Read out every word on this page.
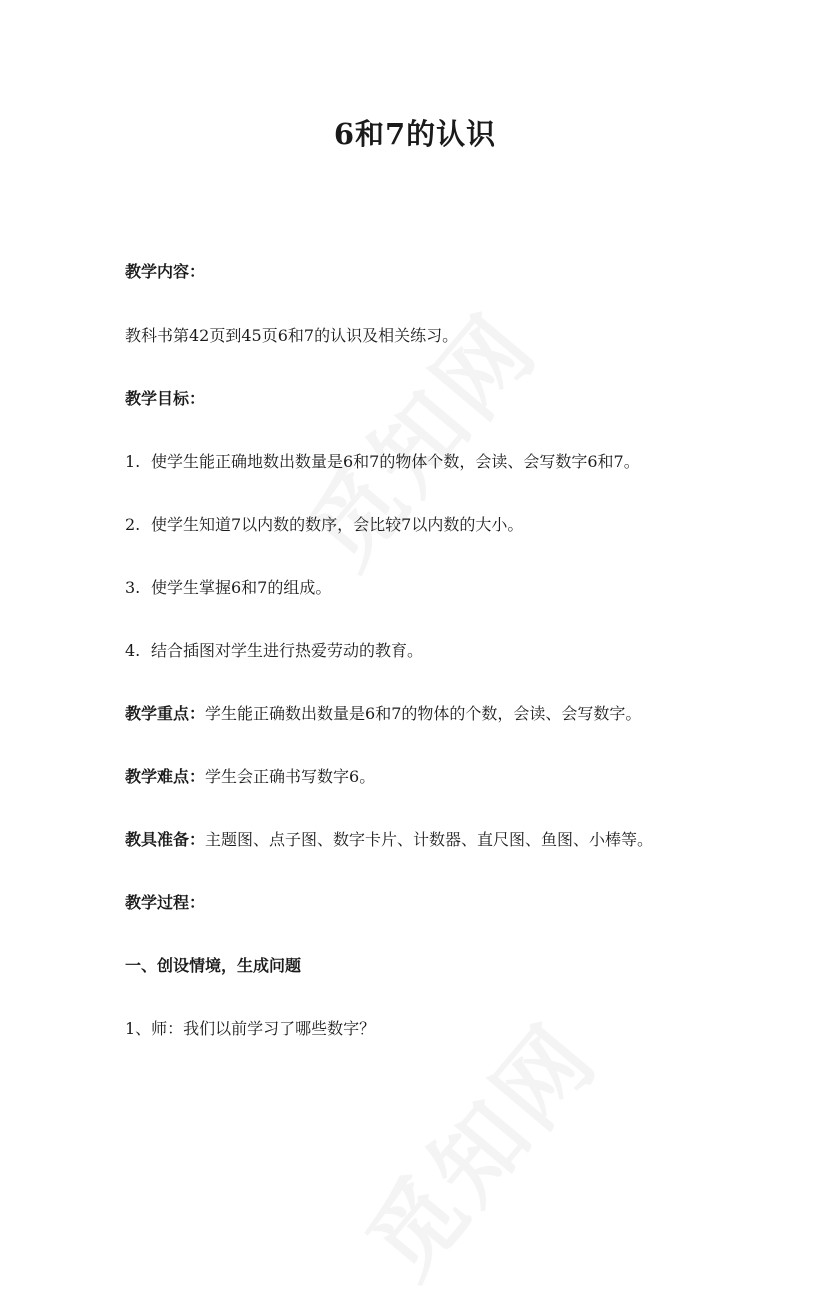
6和7的认识
教学内容：
教科书第42页到45页6和7的认识及相关练习。
教学目标：
1. 使学生能正确地数出数量是6和7的物体个数，会读、会写数字6和7。
2. 使学生知道7以内数的数序，会比较7以内数的大小。
3. 使学生掌握6和7的组成。
4. 结合插图对学生进行热爱劳动的教育。
教学重点：学生能正确数出数量是6和7的物体的个数，会读、会写数字。
教学难点：学生会正确书写数字6。
教具准备：主题图、点子图、数字卡片、计数器、直尺图、鱼图、小棒等。
教学过程：
一、创设情境，生成问题
1、师：我们以前学习了哪些数字？
